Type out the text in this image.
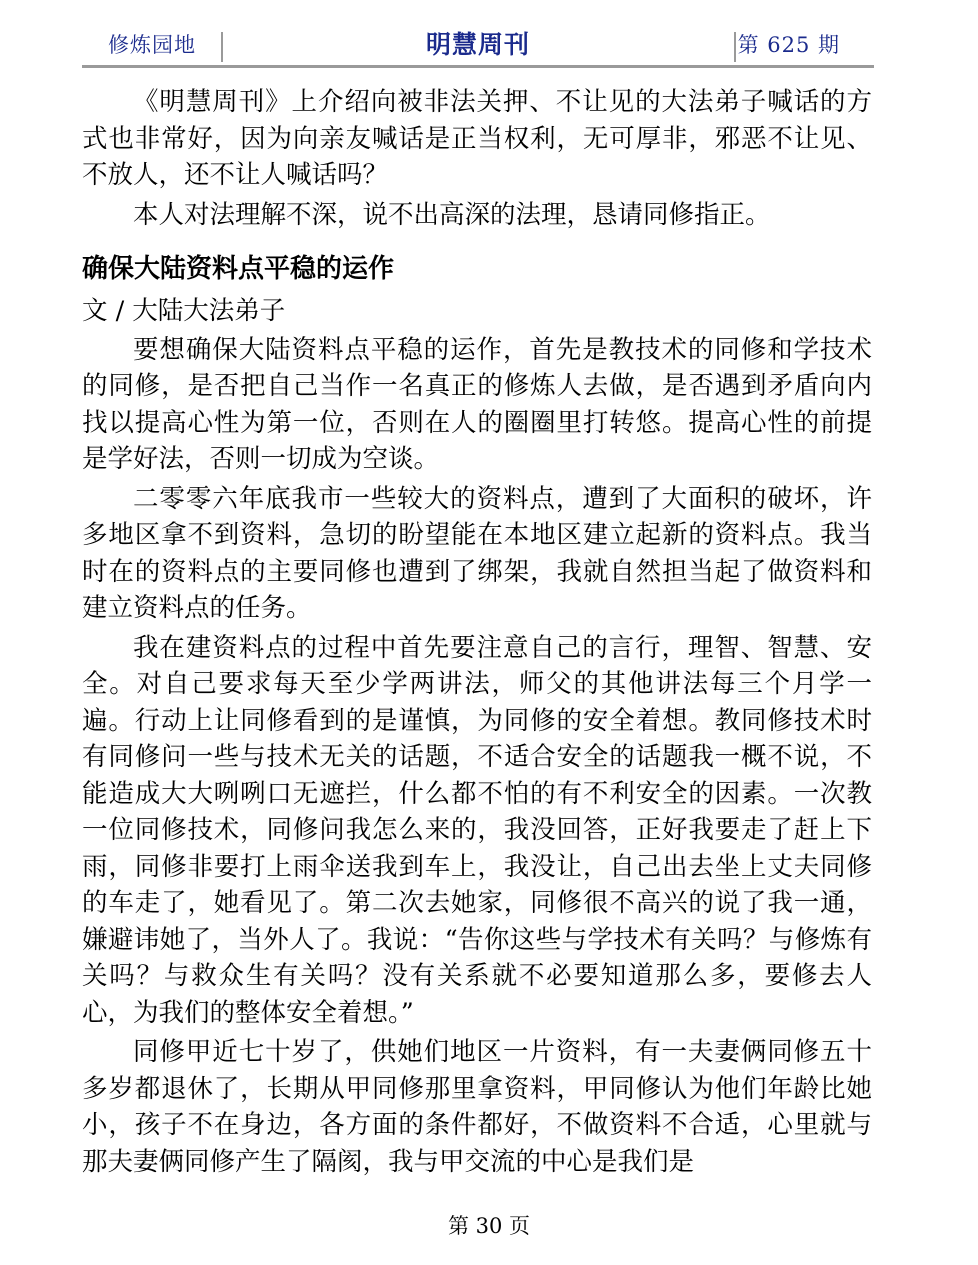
修炼园地	明慧周刊	第 625 期

《明慧周刊》上介绍向被非法关押、不让见的大法弟子喊话的方式也非常好，因为向亲友喊话是正当权利，无可厚非，邪恶不让见、不放人，还不让人喊话吗？

本人对法理解不深，说不出高深的法理，恳请同修指正。

确保大陆资料点平稳的运作

文 / 大陆大法弟子

要想确保大陆资料点平稳的运作，首先是教技术的同修和学技术的同修，是否把自己当作一名真正的修炼人去做，是否遇到矛盾向内找以提高心性为第一位，否则在人的圈圈里打转悠。提高心性的前提是学好法，否则一切成为空谈。

二零零六年底我市一些较大的资料点，遭到了大面积的破坏，许多地区拿不到资料，急切的盼望能在本地区建立起新的资料点。我当时在的资料点的主要同修也遭到了绑架，我就自然担当起了做资料和建立资料点的任务。

我在建资料点的过程中首先要注意自己的言行，理智、智慧、安全。对自己要求每天至少学两讲法，师父的其他讲法每三个月学一遍。行动上让同修看到的是谨慎，为同修的安全着想。教同修技术时有同修问一些与技术无关的话题，不适合安全的话题我一概不说，不能造成大大咧咧口无遮拦，什么都不怕的有不利安全的因素。一次教一位同修技术，同修问我怎么来的，我没回答，正好我要走了赶上下雨，同修非要打上雨伞送我到车上，我没让，自己出去坐上丈夫同修的车走了，她看见了。第二次去她家，同修很不高兴的说了我一通，嫌避讳她了，当外人了。我说：“告你这些与学技术有关吗？与修炼有关吗？与救众生有关吗？没有关系就不必要知道那么多，要修去人心，为我们的整体安全着想。”

同修甲近七十岁了，供她们地区一片资料，有一夫妻俩同修五十多岁都退休了，长期从甲同修那里拿资料，甲同修认为他们年龄比她小，孩子不在身边，各方面的条件都好，不做资料不合适，心里就与那夫妻俩同修产生了隔阂，我与甲交流的中心是我们是

第 30 页
